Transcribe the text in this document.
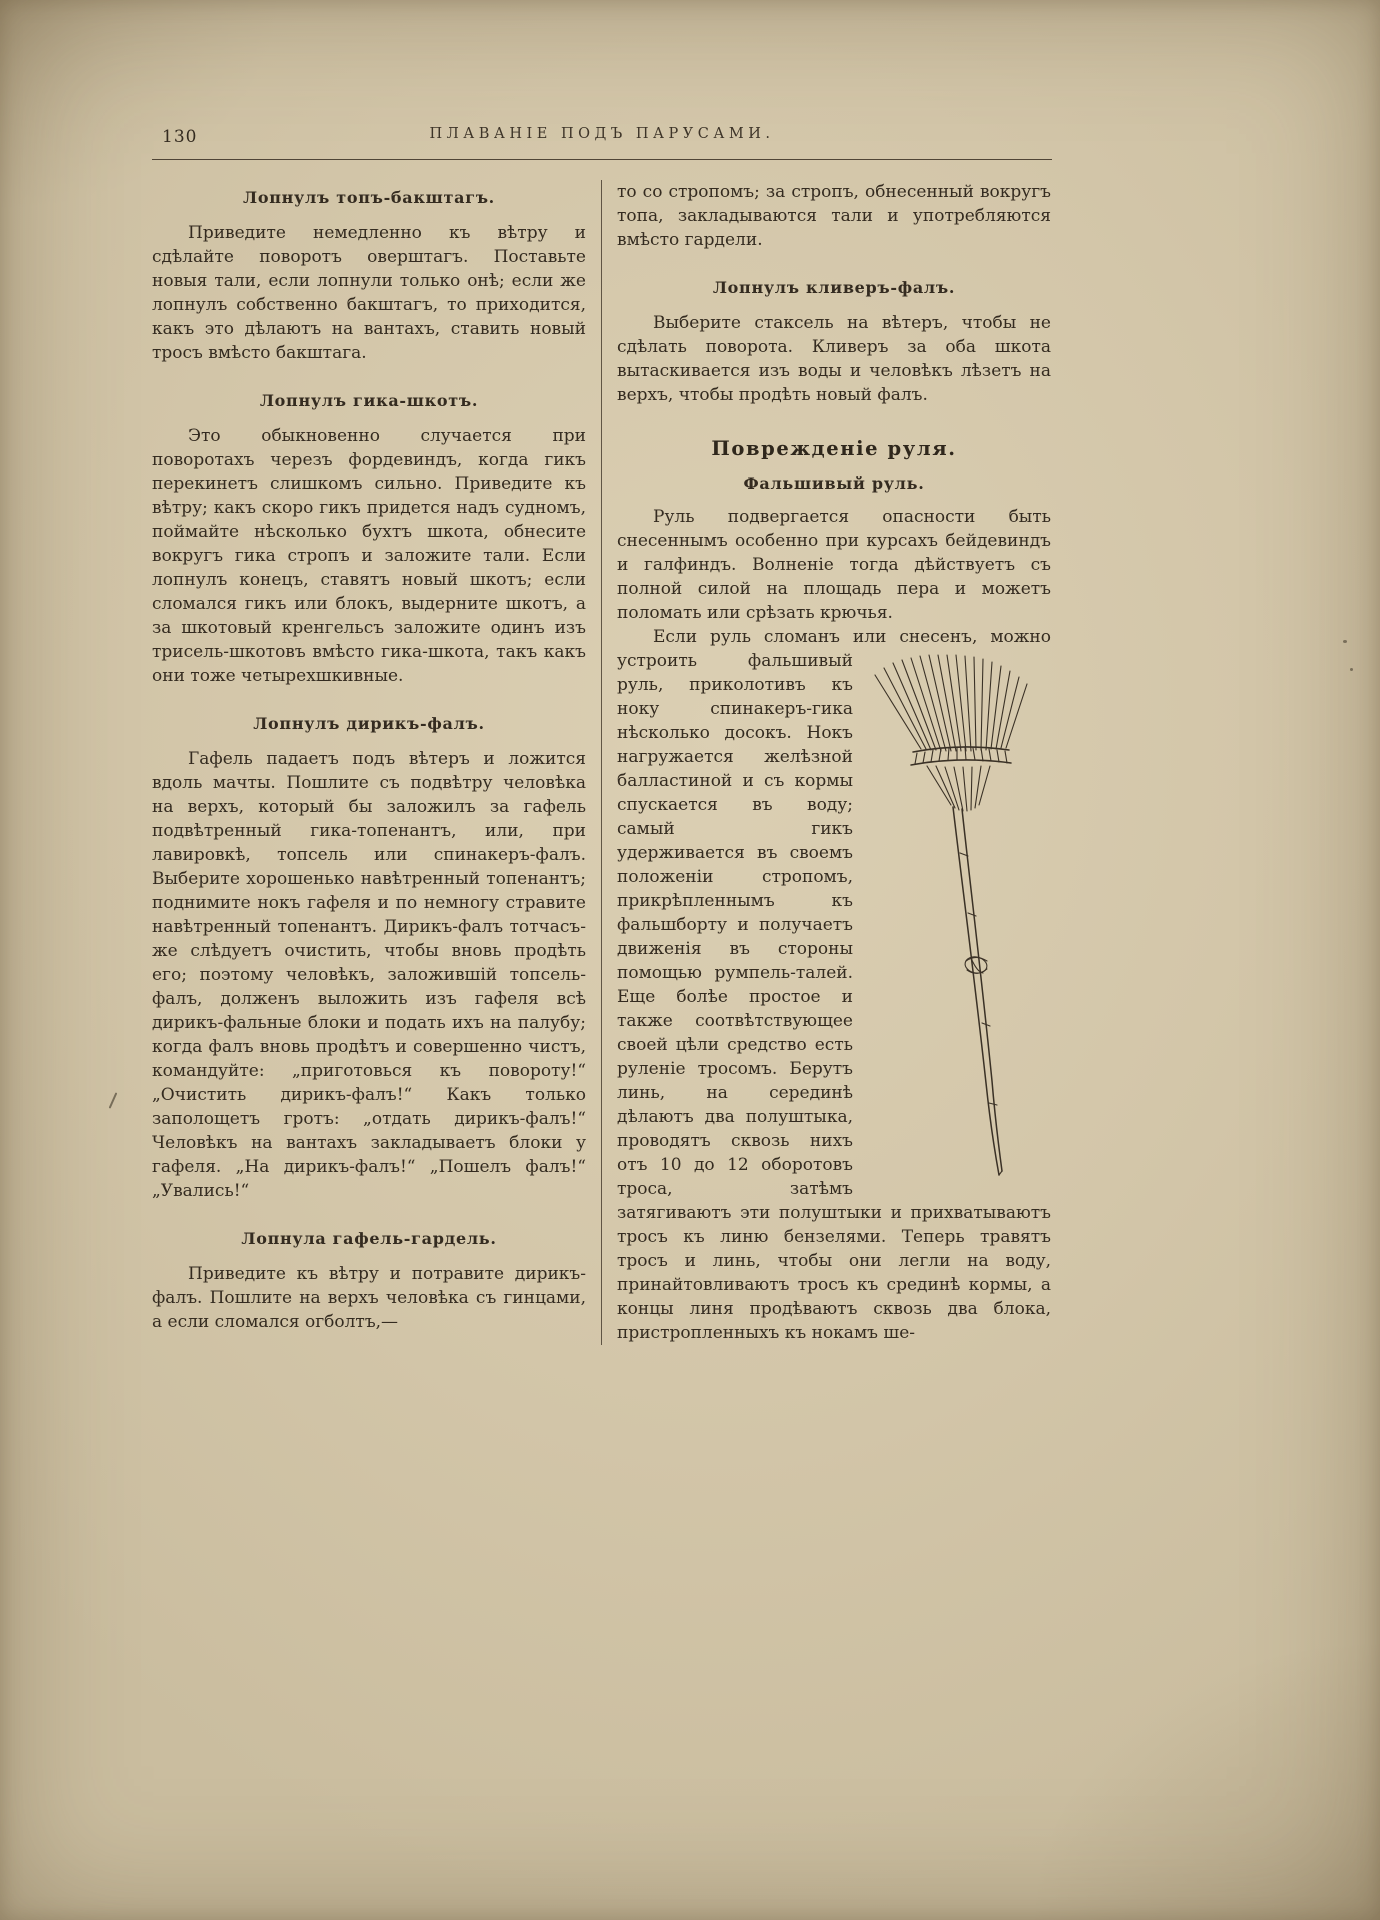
130	ПЛАВАНІЕ ПОДЪ ПАРУСАМИ.
Лопнулъ топъ-бакштагъ.

Приведите немедленно къ вѣтру и сдѣлайте поворотъ оверштагъ. Поставьте новыя тали, если лопнули только онѣ; если же лопнулъ собственно бакштагъ, то приходится, какъ это дѣлаютъ на вантахъ, ставить новый тросъ вмѣсто бакштага.

Лопнулъ гика-шкотъ.

Это обыкновенно случается при поворотахъ черезъ фордевиндъ, когда гикъ перекинетъ слишкомъ сильно. Приведите къ вѣтру; какъ скоро гикъ придется надъ судномъ, поймайте нѣсколько бухтъ шкота, обнесите вокругъ гика стропъ и заложите тали. Если лопнулъ конецъ, ставятъ новый шкотъ; если сломался гикъ или блокъ, выдерните шкотъ, а за шкотовый кренгельсъ заложите одинъ изъ трисель-шкотовъ вмѣсто гика-шкота, такъ какъ они тоже четырехшкивные.

Лопнулъ дирикъ-фалъ.

Гафель падаетъ подъ вѣтеръ и ложится вдоль мачты. Пошлите съ подвѣтру человѣка на верхъ, который бы заложилъ за гафель подвѣтренный гика-топенантъ, или, при лавировкѣ, топсель или спинакеръ-фалъ. Выберите хорошенько навѣтренный топенантъ; поднимите нокъ гафеля и по немногу стравите навѣтренный топенантъ. Дирикъ-фалъ тотчасъ-же слѣдуетъ очистить, чтобы вновь продѣть его; поэтому человѣкъ, заложившій топсель-фалъ, долженъ выложить изъ гафеля всѣ дирикъ-фальные блоки и подать ихъ на палубу; когда фалъ вновь продѣтъ и совершенно чистъ, командуйте: „приготовься къ повороту!“ „Очистить дирикъ-фалъ!“ Какъ только заполощетъ гротъ: „отдать дирикъ-фалъ!“ Человѣкъ на вантахъ закладываетъ блоки у гафеля. „На дирикъ-фалъ!“ „Пошелъ фалъ!“ „Увались!“

Лопнула гафель-гардель.

Приведите къ вѣтру и потравите дирикъ-фалъ. Пошлите на верхъ человѣка съ гинцами, а если сломался огболтъ,—

то со стропомъ; за стропъ, обнесенный вокругъ топа, закладываются тали и употребляются вмѣсто гардели.

Лопнулъ кливеръ-фалъ.

Выберите стаксель на вѣтеръ, чтобы не сдѣлать поворота. Кливеръ за оба шкота вытаскивается изъ воды и человѣкъ лѣзетъ на верхъ, чтобы продѣть новый фалъ.

Поврежденіе руля.
Фальшивый руль.

Руль подвергается опасности быть снесеннымъ особенно при курсахъ бейдевиндъ и галфиндъ. Волненіе тогда дѣйствуетъ съ полной силой на площадь пера и можетъ поломать или срѣзать крючья.

Если руль сломанъ или снесенъ, можно
устроить фальшивый руль, приколотивъ къ ноку спинакеръ-гика нѣсколько досокъ. Нокъ нагружается желѣзной балластиной и съ кормы спускается въ воду; самый гикъ удерживается въ своемъ положеніи стропомъ, прикрѣпленнымъ къ фальшборту и получаетъ движенія въ стороны помощью румпель-талей. Еще болѣе простое и также соотвѣтствующее своей цѣли средство есть руленіе тросомъ. Берутъ линь, на серединѣ дѣлаютъ два полуштыка, проводятъ сквозь нихъ отъ 10 до 12 оборотовъ троса, затѣмъ затягиваютъ эти полуштыки и прихватываютъ тросъ къ линю бензелями. Теперь травятъ тросъ и линь, чтобы они легли на воду, принайтовливаютъ тросъ къ срединѣ кормы, а концы линя продѣваютъ сквозь два блока, пристропленныхъ къ нокамъ ше-
